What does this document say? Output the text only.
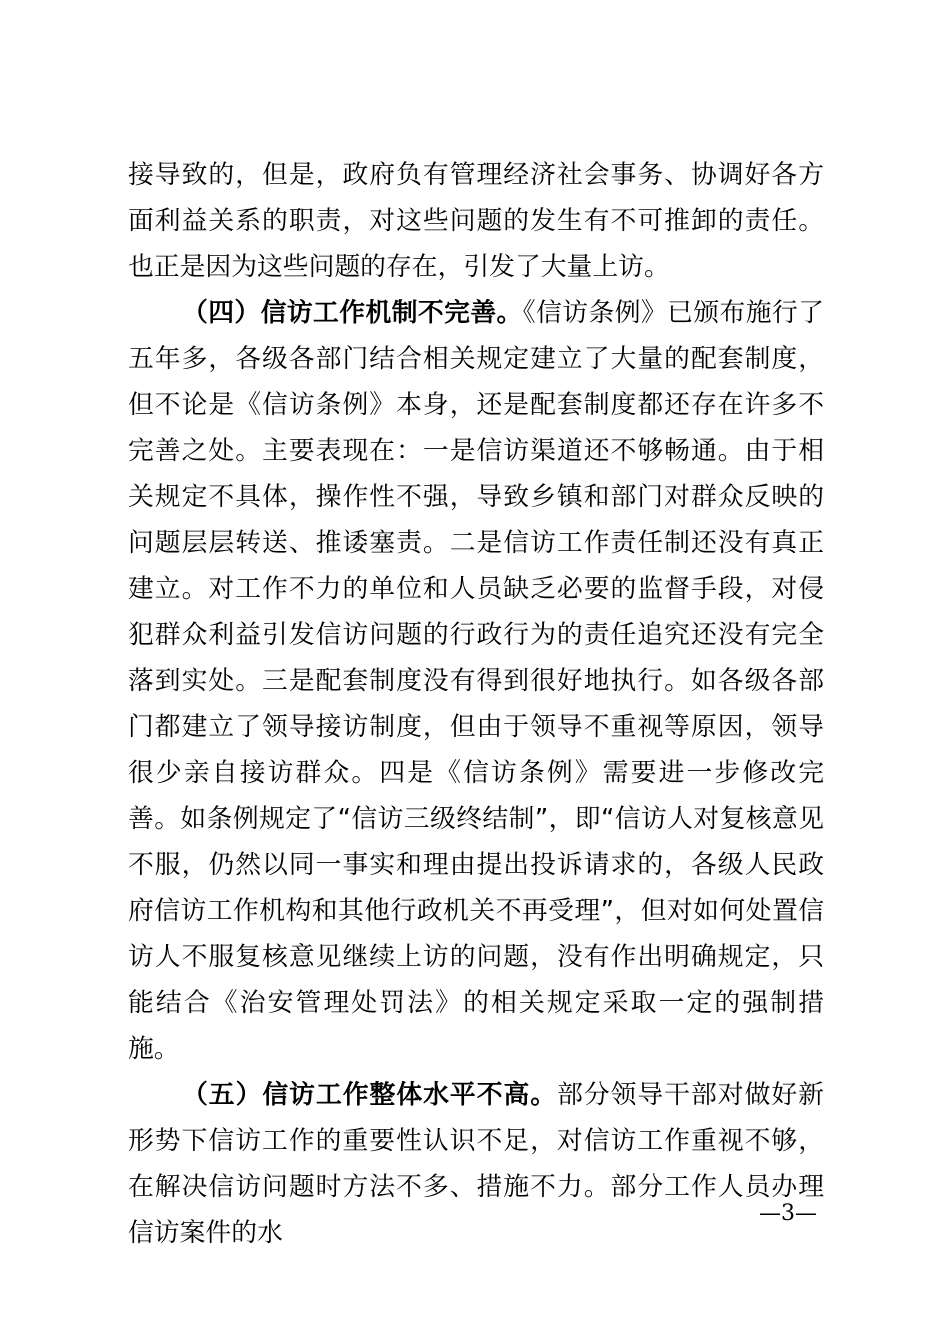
接导致的，但是，政府负有管理经济社会事务、协调好各方面利益关系的职责，对这些问题的发生有不可推卸的责任。也正是因为这些问题的存在，引发了大量上访。

（四）信访工作机制不完善。《信访条例》已颁布施行了五年多，各级各部门结合相关规定建立了大量的配套制度，但不论是《信访条例》本身，还是配套制度都还存在许多不完善之处。主要表现在：一是信访渠道还不够畅通。由于相关规定不具体，操作性不强，导致乡镇和部门对群众反映的问题层层转送、推诿塞责。二是信访工作责任制还没有真正建立。对工作不力的单位和人员缺乏必要的监督手段，对侵犯群众利益引发信访问题的行政行为的责任追究还没有完全落到实处。三是配套制度没有得到很好地执行。如各级各部门都建立了领导接访制度，但由于领导不重视等原因，领导很少亲自接访群众。四是《信访条例》需要进一步修改完善。如条例规定了“信访三级终结制”，即“信访人对复核意见不服，仍然以同一事实和理由提出投诉请求的，各级人民政府信访工作机构和其他行政机关不再受理”，但对如何处置信访人不服复核意见继续上访的问题，没有作出明确规定，只能结合《治安管理处罚法》的相关规定采取一定的强制措施。

（五）信访工作整体水平不高。部分领导干部对做好新形势下信访工作的重要性认识不足，对信访工作重视不够，在解决信访问题时方法不多、措施不力。部分工作人员办理信访案件的水

—3—
